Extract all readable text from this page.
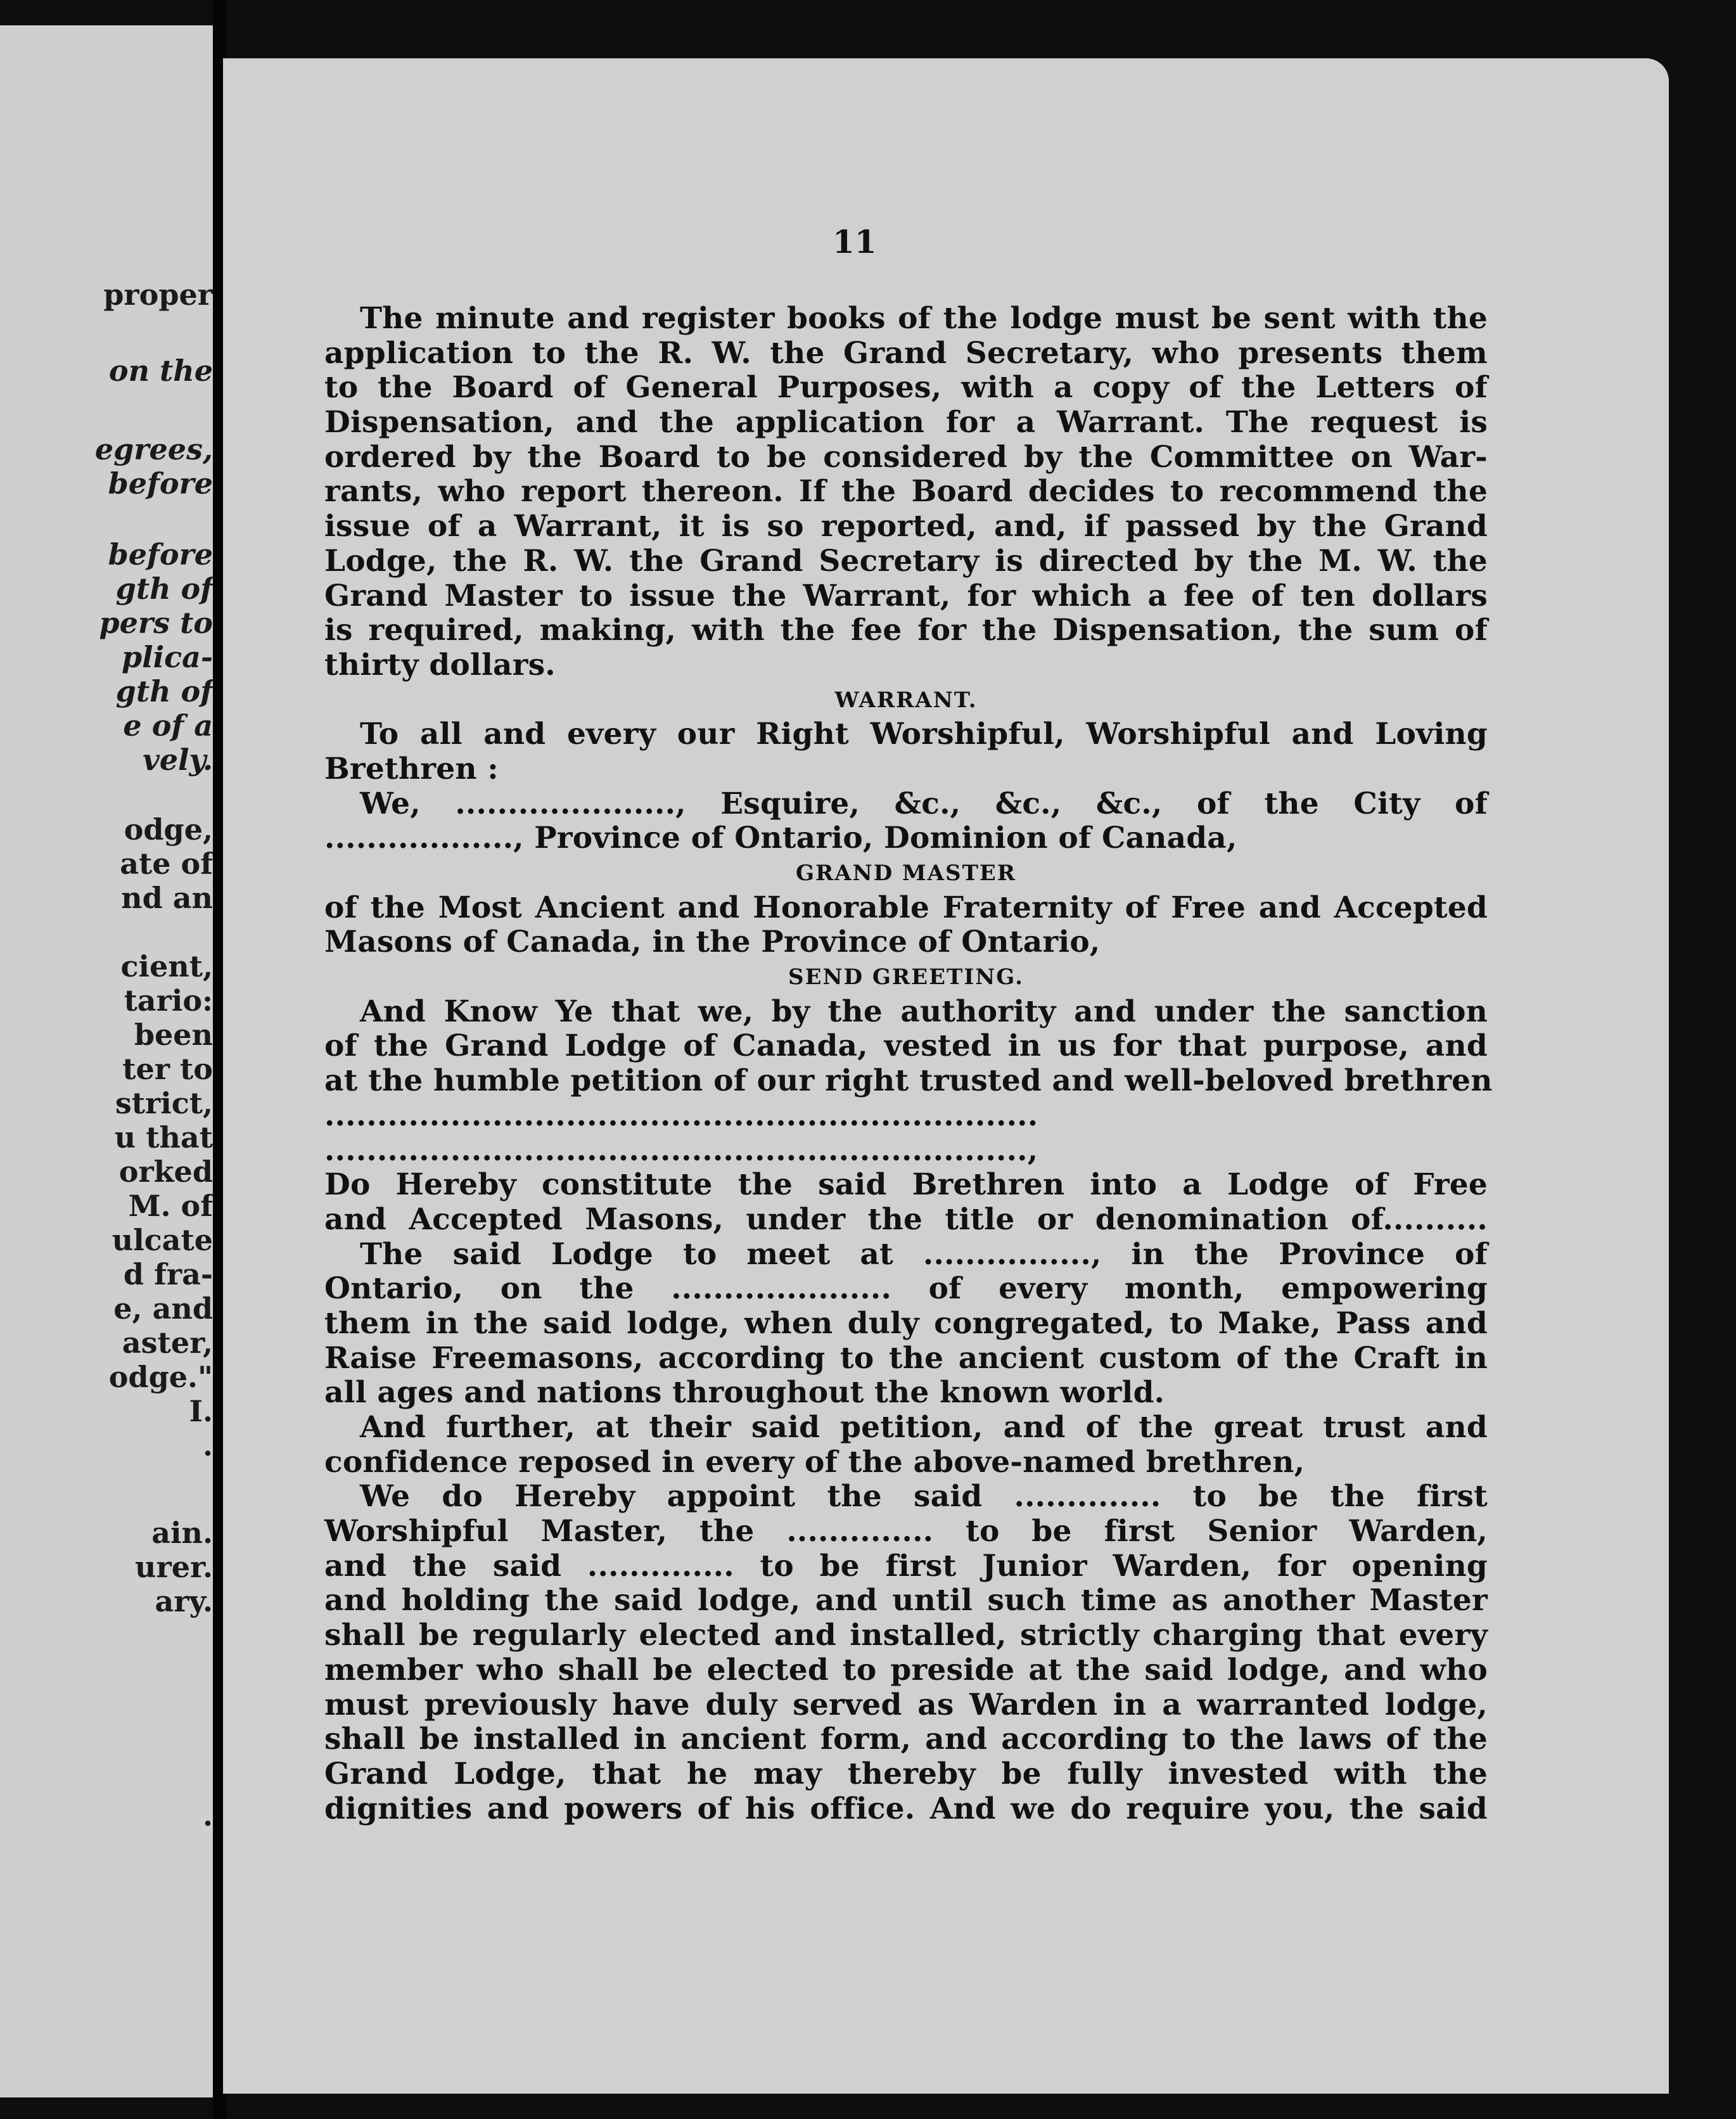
proper
on the
egrees,
before
before
gth of
pers to
plica-
gth of
e of a
vely.
odge,
ate of
nd an
cient,
tario:
been
ter to
strict,
u that
orked
M. of
ulcate
d fra-
e, and
aster,
odge."
I.
.
ain.
urer.
ary.
.
11
The minute and register books of the lodge must be sent with the
application to the R. W. the Grand Secretary, who presents them
to the Board of General Purposes, with a copy of the Letters of
Dispensation, and the application for a Warrant. The request is
ordered by the Board to be considered by the Committee on War-
rants, who report thereon. If the Board decides to recommend the
issue of a Warrant, it is so reported, and, if passed by the Grand
Lodge, the R. W. the Grand Secretary is directed by the M. W. the
Grand Master to issue the Warrant, for which a fee of ten dollars
is required, making, with the fee for the Dispensation, the sum of
thirty dollars.
WARRANT.
To all and every our Right Worshipful, Worshipful and Loving
Brethren :
We, ....................., Esquire, &c., &c., &c., of the City of
.................., Province of Ontario, Dominion of Canada,
GRAND MASTER
of the Most Ancient and Honorable Fraternity of Free and Accepted
Masons of Canada, in the Province of Ontario,
SEND GREETING.
And Know Ye that we, by the authority and under the sanction
of the Grand Lodge of Canada, vested in us for that purpose, and
at the humble petition of our right trusted and well-beloved brethren
....................................................................
...................................................................,
Do Hereby constitute the said Brethren into a Lodge of Free
and Accepted Masons, under the title or denomination of..........
The said Lodge to meet at ................, in the Province of
Ontario, on the ..................... of every month, empowering
them in the said lodge, when duly congregated, to Make, Pass and
Raise Freemasons, according to the ancient custom of the Craft in
all ages and nations throughout the known world.
And further, at their said petition, and of the great trust and
confidence reposed in every of the above-named brethren,
We do Hereby appoint the said .............. to be the first
Worshipful Master, the .............. to be first Senior Warden,
and the said .............. to be first Junior Warden, for opening
and holding the said lodge, and until such time as another Master
shall be regularly elected and installed, strictly charging that every
member who shall be elected to preside at the said lodge, and who
must previously have duly served as Warden in a warranted lodge,
shall be installed in ancient form, and according to the laws of the
Grand Lodge, that he may thereby be fully invested with the
dignities and powers of his office. And we do require you, the said
